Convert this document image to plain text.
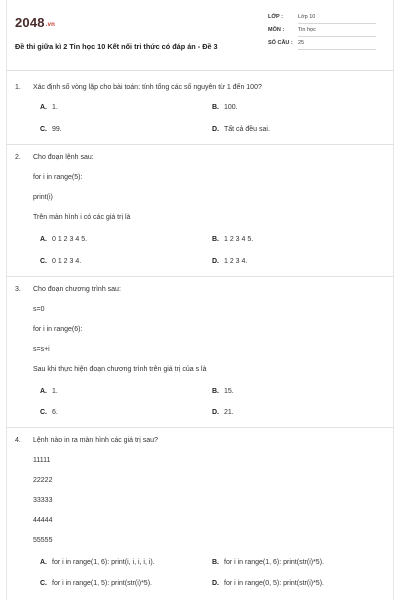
2048.vn
Đề thi giữa kì 2 Tin học 10 Kết nối tri thức có đáp án - Đề 3
LỚP :	Lớp 10
MÔN :	Tin học
SỐ CÂU : 25
1. Xác định số vòng lặp cho bài toán: tính tổng các số nguyên từ 1 đến 100?
A. 1.	B. 100.
C. 99.	D. Tất cả đều sai.
2. Cho đoạn lệnh sau:
for i in range(5):
print(i)
Trên màn hình i có các giá trị là
A. 0 1 2 3 4 5.	B. 1 2 3 4 5.
C. 0 1 2 3 4.	D. 1 2 3 4.
3. Cho đoạn chương trình sau:
s=0
for i in range(6):
s=s+i
Sau khi thực hiện đoạn chương trình trên giá trị của s là
A. 1.	B. 15.
C. 6.	D. 21.
4. Lệnh nào in ra màn hình các giá trị sau?
11111
22222
33333
44444
55555
A. for i in range(1, 6): print(i, i, i, i, i).	B. for i in range(1, 6): print(str(i)*5).
C. for i in range(1, 5): print(str(i)*5).	D. for i in range(0, 5): print(str(i)*5).
